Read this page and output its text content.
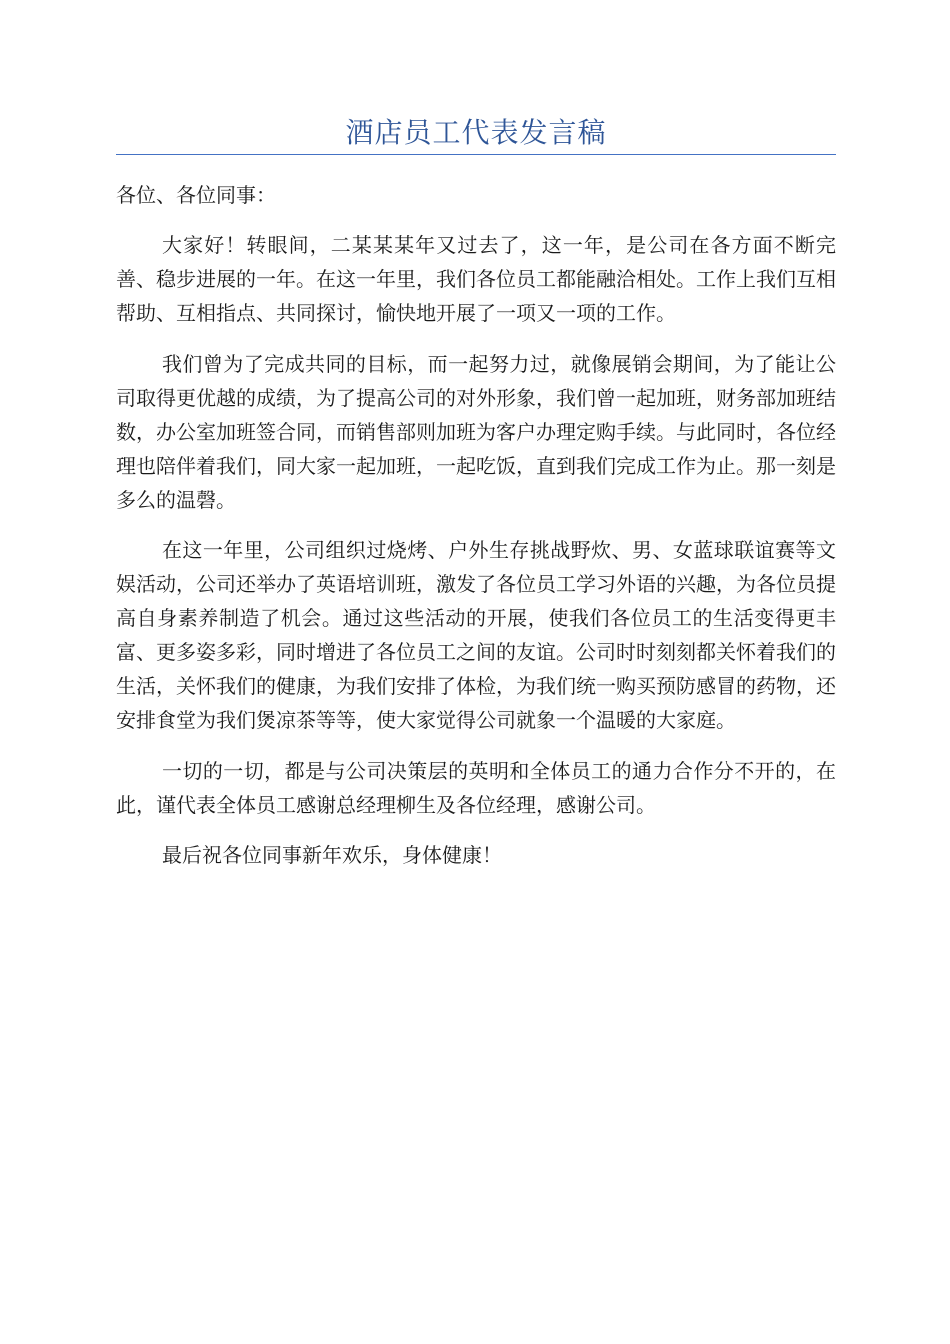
酒店员工代表发言稿
各位、各位同事：

大家好！转眼间，二某某某年又过去了，这一年，是公司在各方面不断完善、稳步进展的一年。在这一年里，我们各位员工都能融洽相处。工作上我们互相帮助、互相指点、共同探讨，愉快地开展了一项又一项的工作。

我们曾为了完成共同的目标，而一起努力过，就像展销会期间，为了能让公司取得更优越的成绩，为了提高公司的对外形象，我们曾一起加班，财务部加班结数，办公室加班签合同，而销售部则加班为客户办理定购手续。与此同时，各位经理也陪伴着我们，同大家一起加班，一起吃饭，直到我们完成工作为止。那一刻是多么的温磬。

在这一年里，公司组织过烧烤、户外生存挑战野炊、男、女蓝球联谊赛等文娱活动，公司还举办了英语培训班，激发了各位员工学习外语的兴趣，为各位员提高自身素养制造了机会。通过这些活动的开展，使我们各位员工的生活变得更丰富、更多姿多彩，同时增进了各位员工之间的友谊。公司时时刻刻都关怀着我们的生活，关怀我们的健康，为我们安排了体检，为我们统一购买预防感冒的药物，还安排食堂为我们煲凉茶等等，使大家觉得公司就象一个温暖的大家庭。

一切的一切，都是与公司决策层的英明和全体员工的通力合作分不开的，在此，谨代表全体员工感谢总经理柳生及各位经理，感谢公司。

最后祝各位同事新年欢乐，身体健康！
